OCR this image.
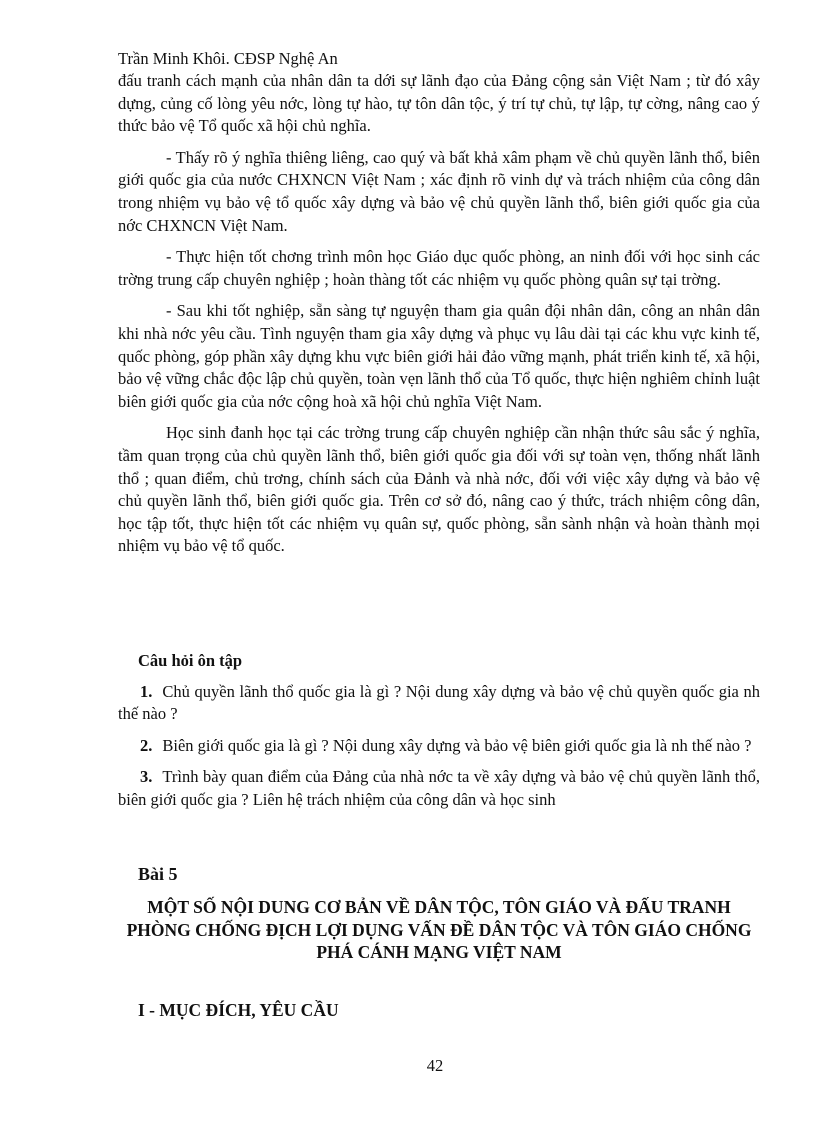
Trần Minh Khôi. CĐSP Nghệ An

đấu tranh cách mạnh của nhân dân ta dới sự lãnh đạo của Đảng cộng sản Việt Nam ; từ đó xây dựng, củng cố lòng yêu nớc, lòng tự hào, tự tôn dân tộc, ý trí tự chủ, tự lập, tự cờng, nâng cao ý thức bảo vệ Tổ quốc xã hội chủ nghĩa.

- Thấy rõ ý nghĩa thiêng liêng, cao quý và bất khả xâm phạm về chủ quyền lãnh thổ, biên giới quốc gia của nước CHXNCN Việt Nam ; xác định rõ vinh dự và trách nhiệm của công dân trong nhiệm vụ bảo vệ tổ quốc xây dựng và bảo vệ chủ quyền lãnh thổ, biên giới quốc gia của nớc CHXNCN Việt Nam.

- Thực hiện tốt chơng trình môn học Giáo dục quốc phòng, an ninh đối với học sinh các trờng trung cấp chuyên nghiệp ; hoàn thàng tốt các nhiệm vụ quốc phòng quân sự tại trờng.

- Sau khi tốt nghiệp, sẵn sàng tự nguyện tham gia quân đội nhân dân, công an nhân dân khi nhà nớc yêu cầu. Tình nguyện tham gia xây dựng và phục vụ lâu dài tại các khu vực kinh tế, quốc phòng, góp phần xây dựng khu vực biên giới hải đảo vững mạnh, phát triển kinh tế, xã hội, bảo vệ vững chắc độc lập chủ quyền, toàn vẹn lãnh thổ của Tổ quốc, thực hiện nghiêm chỉnh luật biên giới quốc gia của nớc cộng hoà xã hội chủ nghĩa Việt Nam.

Học sinh đanh học tại các trờng trung cấp chuyên nghiệp cần nhận thức sâu sắc ý nghĩa, tầm quan trọng của chủ quyền lãnh thổ, biên giới quốc gia đối với sự toàn vẹn, thống nhất lãnh thổ ; quan điểm, chủ trơng, chính sách của Đảnh và nhà nớc, đối với việc xây dựng và bảo vệ chủ quyền lãnh thổ, biên giới quốc gia. Trên cơ sở đó, nâng cao ý thức, trách nhiệm công dân, học tập tốt, thực hiện tốt các nhiệm vụ quân sự, quốc phòng, sẵn sành nhận và hoàn thành mọi nhiệm vụ bảo vệ tổ quốc.

Câu hỏi ôn tập

1. Chủ quyền lãnh thổ quốc gia là gì ? Nội dung xây dựng và bảo vệ chủ quyền quốc gia nh thế nào ?

2. Biên giới quốc gia là gì ? Nội dung xây dựng và bảo vệ biên giới quốc gia là nh thế nào ?

3. Trình bày quan điểm của Đảng của nhà nớc ta về xây dựng và bảo vệ chủ quyền lãnh thổ, biên giới quốc gia ? Liên hệ trách nhiệm của công dân và học sinh

Bài 5
MỘT SỐ NỘI DUNG CƠ BẢN VỀ DÂN TỘC, TÔN GIÁO VÀ ĐẤU TRANH PHÒNG CHỐNG ĐỊCH LỢI DỤNG VẤN ĐỀ DÂN TỘC VÀ TÔN GIÁO CHỐNG PHÁ CÁNH MẠNG VIỆT NAM
I - MỤC ĐÍCH, YÊU CẦU
42
